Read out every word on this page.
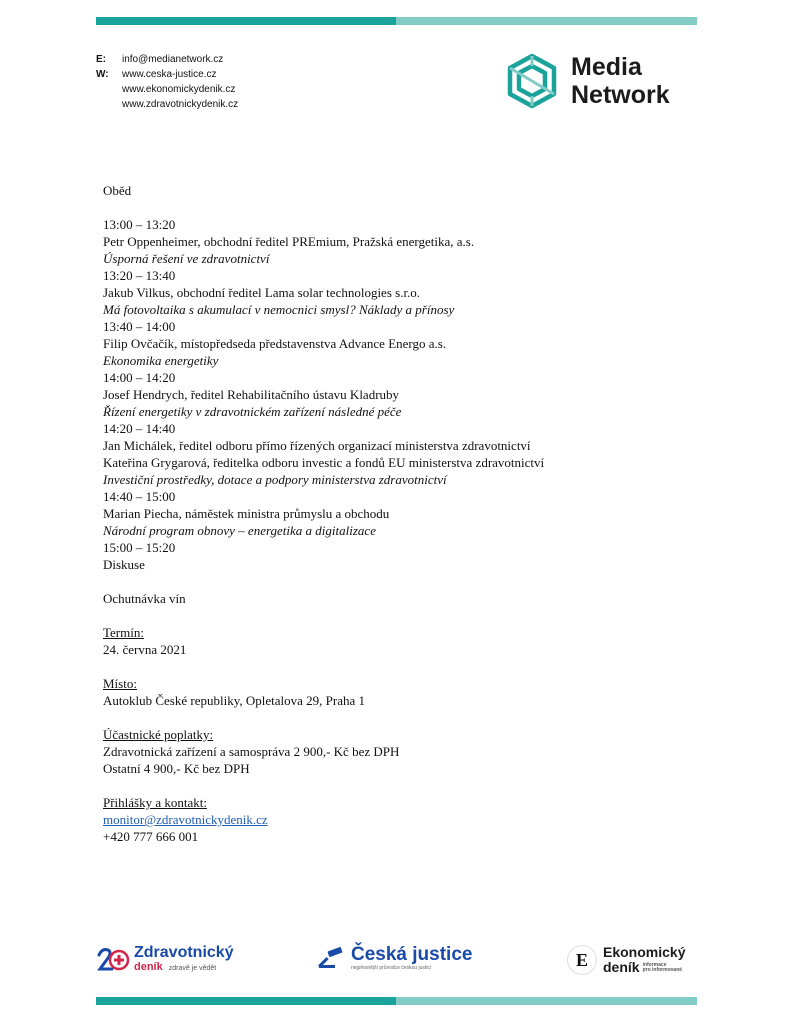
E:	info@medianetwork.cz
W:	www.ceska-justice.cz
www.ekonomickydenik.cz
www.zdravotnickydenik.cz
Media
Network
Oběd
13:00 – 13:20
Petr Oppenheimer, obchodní ředitel PREmium, Pražská energetika, a.s.
Úsporná řešení ve zdravotnictví
13:20 – 13:40
Jakub Vilkus, obchodní ředitel Lama solar technologies s.r.o.
Má fotovoltaika s akumulací v nemocnici smysl? Náklady a přínosy
13:40 – 14:00
Filip Ovčačík, místopředseda představenstva Advance Energo a.s.
Ekonomika energetiky
14:00 – 14:20
Josef Hendrych, ředitel Rehabilitačního ústavu Kladruby
Řízení energetiky v zdravotnickém zařízení následné péče
14:20 – 14:40
Jan Michálek, ředitel odboru přímo řízených organizací ministerstva zdravotnictví
Kateřina Grygarová, ředitelka odboru investic a fondů EU ministerstva zdravotnictví
Investiční prostředky, dotace a podpory ministerstva zdravotnictví
14:40 – 15:00
Marian Piecha, náměstek ministra průmyslu a obchodu
Národní program obnovy – energetika a digitalizace
15:00 – 15:20
Diskuse
Ochutnávka vín
Termín:
24. června 2021
Místo:
Autoklub České republiky, Opletalova 29, Praha 1
Účastnické poplatky:
Zdravotnická zařízení a samospráva 2 900,- Kč bez DPH
Ostatní 4 900,- Kč bez DPH
Přihlášky a kontakt:
monitor@zdravotnickydenik.cz
+420 777 666 001
Zdravotnický
deník zdravě je vědět
Česká justice
nejpřesnější průvodce českou justicí	E	Ekonomický
deník informace
pro informované
